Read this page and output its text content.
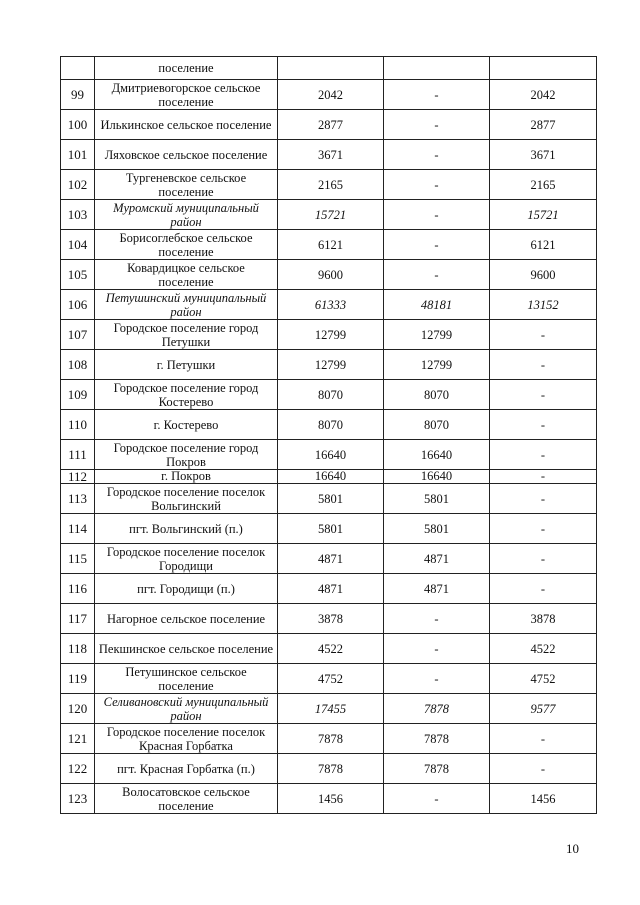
	поселение			
99	Дмитриевогорское сельское поселение	2042	-	2042
100	Илькинское сельское поселение	2877	-	2877
101	Ляховское сельское поселение	3671	-	3671
102	Тургеневское сельское поселение	2165	-	2165
103	Муромский муниципальный район	15721	-	15721
104	Борисоглебское сельское поселение	6121	-	6121
105	Ковардицкое сельское поселение	9600	-	9600
106	Петушинский муниципальный район	61333	48181	13152
107	Городское поселение город Петушки	12799	12799	-
108	г. Петушки	12799	12799	-
109	Городское поселение город Костерево	8070	8070	-
110	г. Костерево	8070	8070	-
111	Городское поселение город Покров	16640	16640	-
112	г. Покров	16640	16640	-
113	Городское поселение поселок Вольгинский	5801	5801	-
114	пгт. Вольгинский (п.)	5801	5801	-
115	Городское поселение поселок Городищи	4871	4871	-
116	пгт. Городищи (п.)	4871	4871	-
117	Нагорное сельское поселение	3878	-	3878
118	Пекшинское сельское поселение	4522	-	4522
119	Петушинское сельское поселение	4752	-	4752
120	Селивановский муниципальный район	17455	7878	9577
121	Городское поселение поселок Красная Горбатка	7878	7878	-
122	пгт. Красная Горбатка (п.)	7878	7878	-
123	Волосатовское сельское поселение	1456	-	1456
10
